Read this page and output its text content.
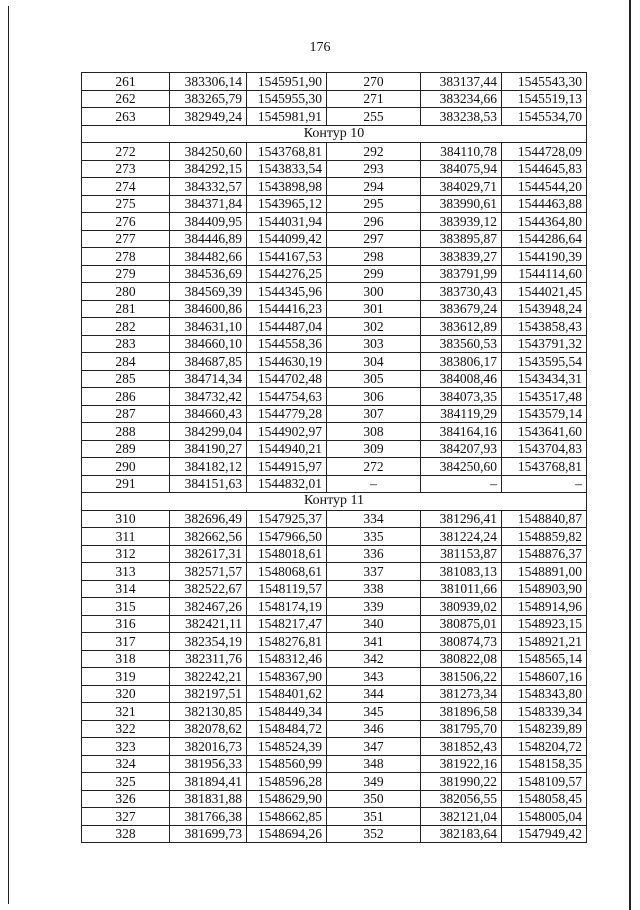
176
261	383306,14	1545951,90	270	383137,44	1545543,30
262	383265,79	1545955,30	271	383234,66	1545519,13
263	382949,24	1545981,91	255	383238,53	1545534,70
Контур 10					
272	384250,60	1543768,81	292	384110,78	1544728,09
273	384292,15	1543833,54	293	384075,94	1544645,83
274	384332,57	1543898,98	294	384029,71	1544544,20
275	384371,84	1543965,12	295	383990,61	1544463,88
276	384409,95	1544031,94	296	383939,12	1544364,80
277	384446,89	1544099,42	297	383895,87	1544286,64
278	384482,66	1544167,53	298	383839,27	1544190,39
279	384536,69	1544276,25	299	383791,99	1544114,60
280	384569,39	1544345,96	300	383730,43	1544021,45
281	384600,86	1544416,23	301	383679,24	1543948,24
282	384631,10	1544487,04	302	383612,89	1543858,43
283	384660,10	1544558,36	303	383560,53	1543791,32
284	384687,85	1544630,19	304	383806,17	1543595,54
285	384714,34	1544702,48	305	384008,46	1543434,31
286	384732,42	1544754,63	306	384073,35	1543517,48
287	384660,43	1544779,28	307	384119,29	1543579,14
288	384299,04	1544902,97	308	384164,16	1543641,60
289	384190,27	1544940,21	309	384207,93	1543704,83
290	384182,12	1544915,97	272	384250,60	1543768,81
291	384151,63	1544832,01	–	–	–
Контур 11					
310	382696,49	1547925,37	334	381296,41	1548840,87
311	382662,56	1547966,50	335	381224,24	1548859,82
312	382617,31	1548018,61	336	381153,87	1548876,37
313	382571,57	1548068,61	337	381083,13	1548891,00
314	382522,67	1548119,57	338	381011,66	1548903,90
315	382467,26	1548174,19	339	380939,02	1548914,96
316	382421,11	1548217,47	340	380875,01	1548923,15
317	382354,19	1548276,81	341	380874,73	1548921,21
318	382311,76	1548312,46	342	380822,08	1548565,14
319	382242,21	1548367,90	343	381506,22	1548607,16
320	382197,51	1548401,62	344	381273,34	1548343,80
321	382130,85	1548449,34	345	381896,58	1548339,34
322	382078,62	1548484,72	346	381795,70	1548239,89
323	382016,73	1548524,39	347	381852,43	1548204,72
324	381956,33	1548560,99	348	381922,16	1548158,35
325	381894,41	1548596,28	349	381990,22	1548109,57
326	381831,88	1548629,90	350	382056,55	1548058,45
327	381766,38	1548662,85	351	382121,04	1548005,04
328	381699,73	1548694,26	352	382183,64	1547949,42
